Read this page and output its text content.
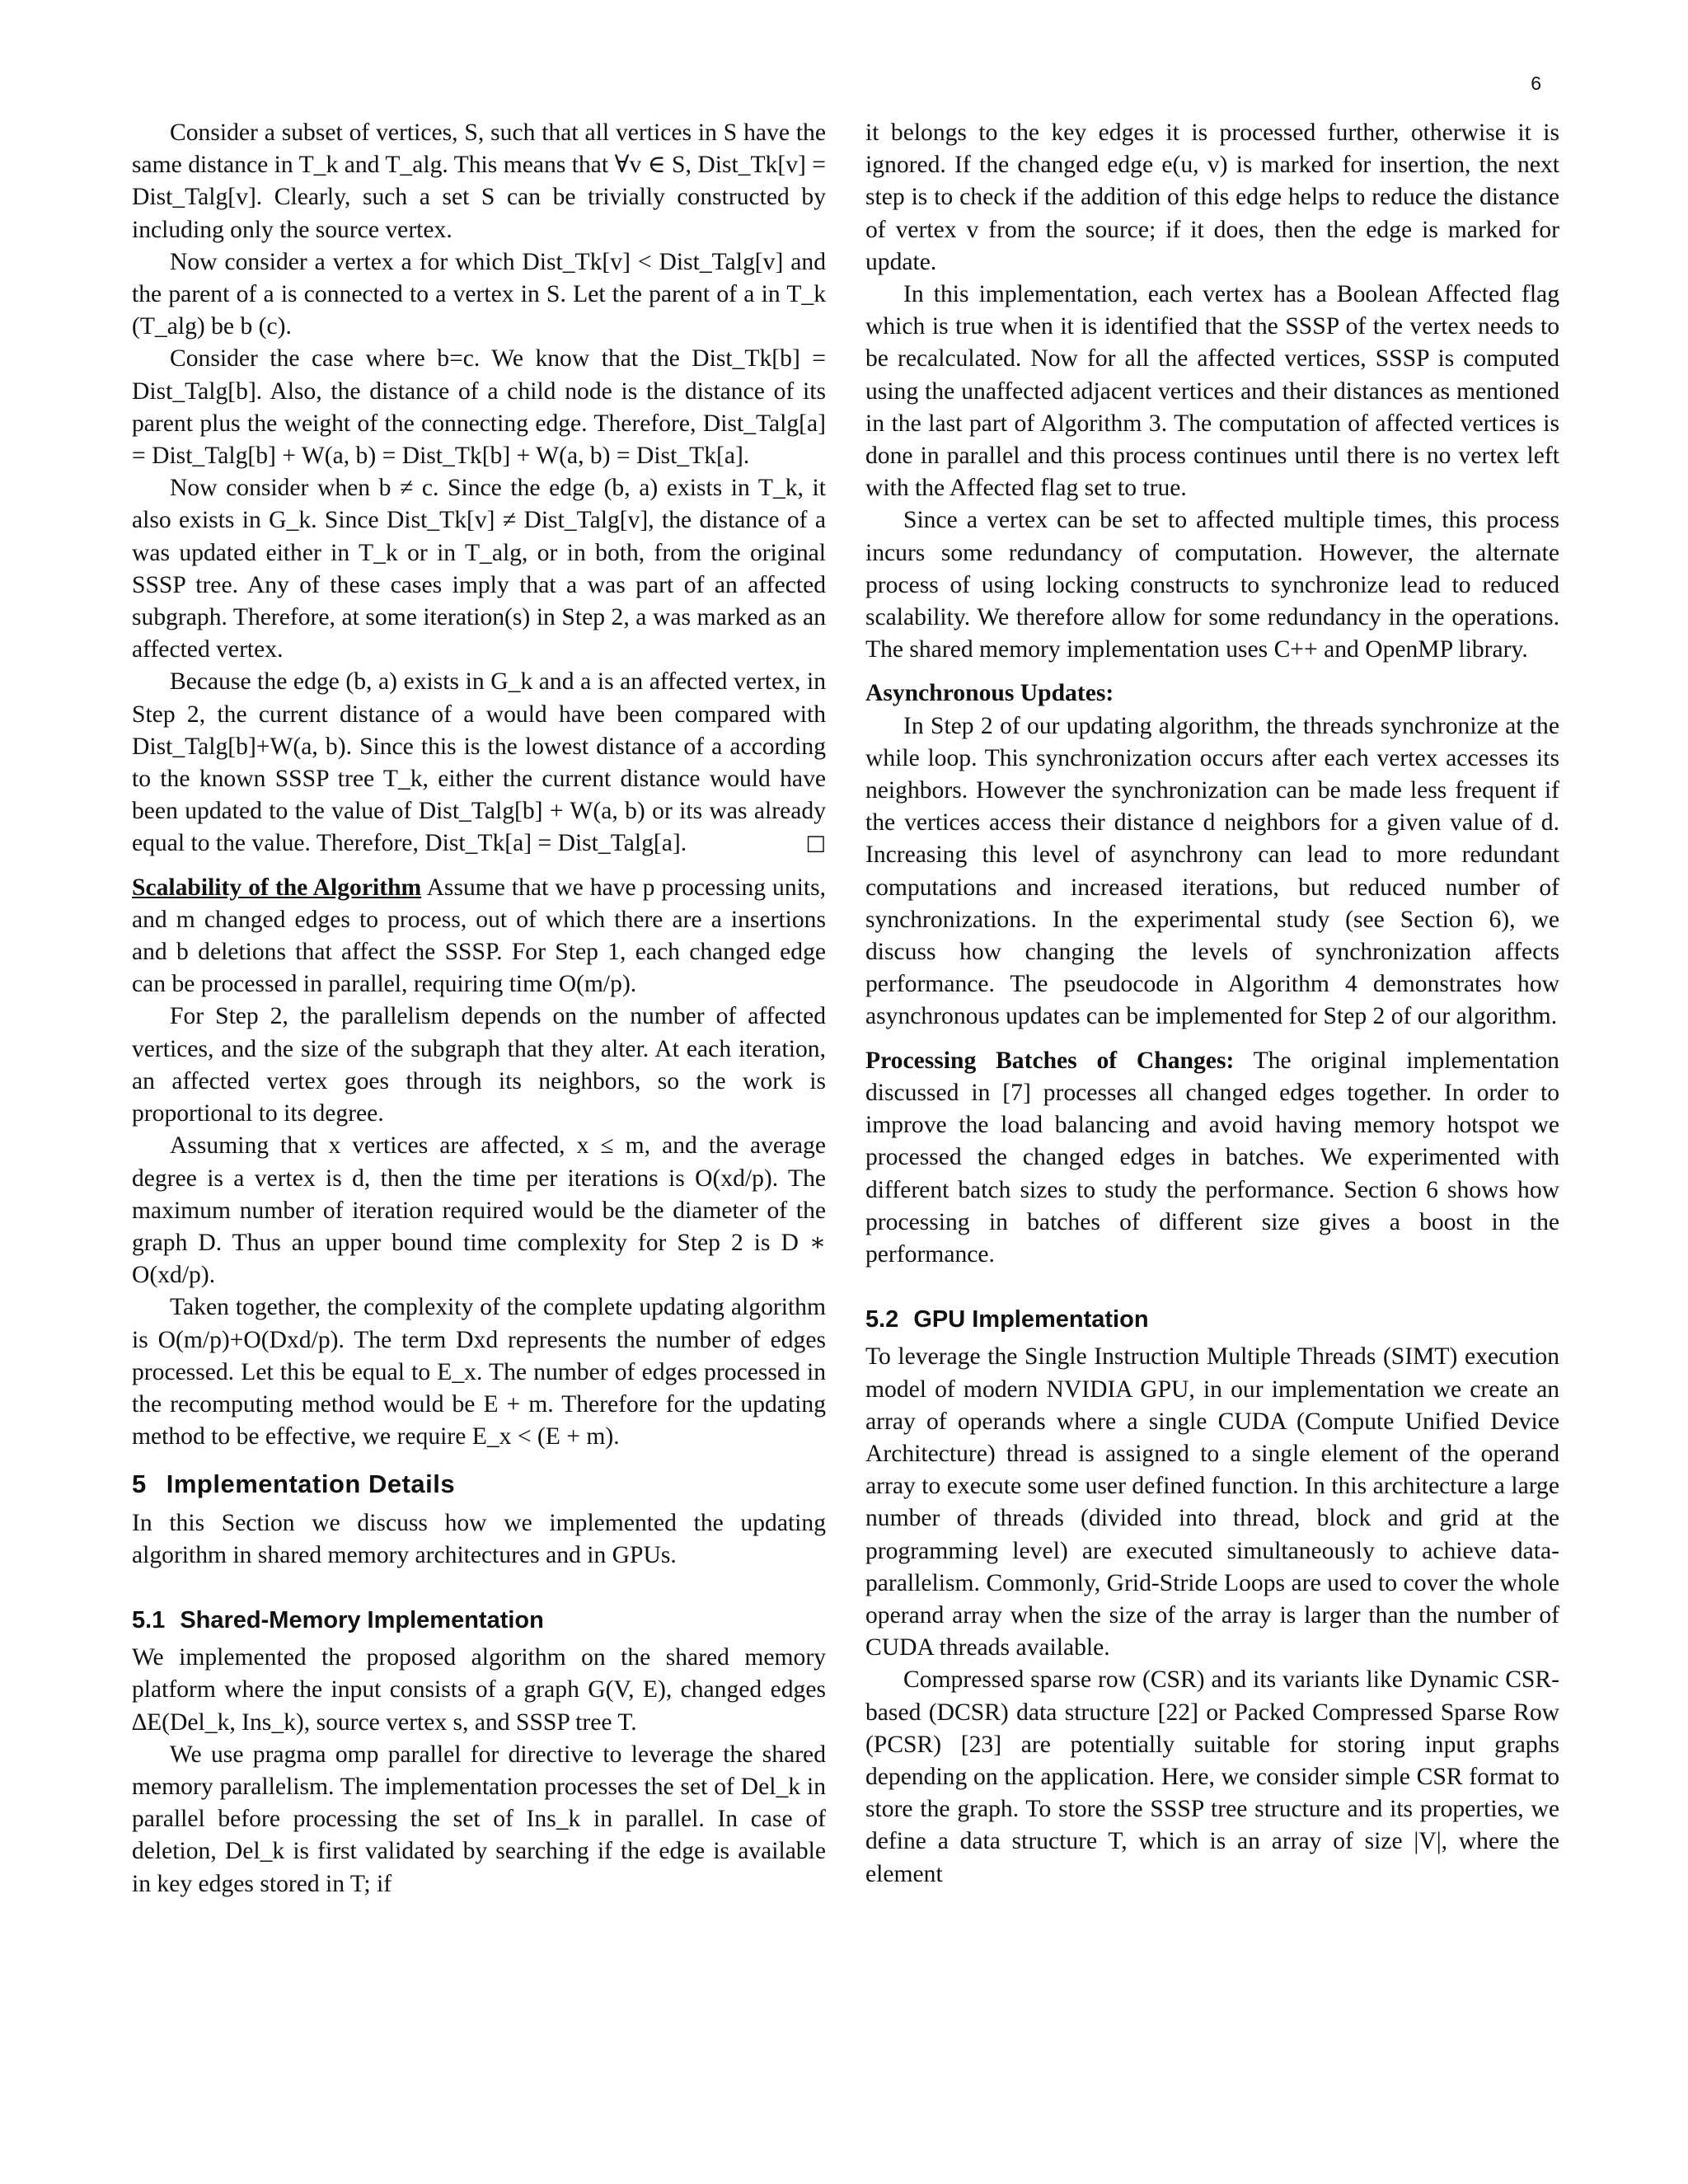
6

Consider a subset of vertices, S, such that all vertices in S have the same distance in T_k and T_alg. This means that ∀v ∈ S, Dist_Tk[v] = Dist_Talg[v]. Clearly, such a set S can be trivially constructed by including only the source vertex.

Now consider a vertex a for which Dist_Tk[v] < Dist_Talg[v] and the parent of a is connected to a vertex in S. Let the parent of a in T_k (T_alg) be b (c).

Consider the case where b=c. We know that the Dist_Tk[b] = Dist_Talg[b]. Also, the distance of a child node is the distance of its parent plus the weight of the connecting edge. Therefore, Dist_Talg[a] = Dist_Talg[b] + W(a, b) = Dist_Tk[b] + W(a, b) = Dist_Tk[a].

Now consider when b ≠ c. Since the edge (b, a) exists in T_k, it also exists in G_k. Since Dist_Tk[v] ≠ Dist_Talg[v], the distance of a was updated either in T_k or in T_alg, or in both, from the original SSSP tree. Any of these cases imply that a was part of an affected subgraph. Therefore, at some iteration(s) in Step 2, a was marked as an affected vertex.

Because the edge (b, a) exists in G_k and a is an affected vertex, in Step 2, the current distance of a would have been compared with Dist_Talg[b]+W(a, b). Since this is the lowest distance of a according to the known SSSP tree T_k, either the current distance would have been updated to the value of Dist_Talg[b] + W(a, b) or its was already equal to the value. Therefore, Dist_Tk[a] = Dist_Talg[a].	□

Scalability of the Algorithm Assume that we have p processing units, and m changed edges to process, out of which there are a insertions and b deletions that affect the SSSP. For Step 1, each changed edge can be processed in parallel, requiring time O(m/p).

For Step 2, the parallelism depends on the number of affected vertices, and the size of the subgraph that they alter. At each iteration, an affected vertex goes through its neighbors, so the work is proportional to its degree.

Assuming that x vertices are affected, x ≤ m, and the average degree is a vertex is d, then the time per iterations is O(xd/p). The maximum number of iteration required would be the diameter of the graph D. Thus an upper bound time complexity for Step 2 is D ∗ O(xd/p).

Taken together, the complexity of the complete updating algorithm is O(m/p)+O(Dxd/p). The term Dxd represents the number of edges processed. Let this be equal to E_x. The number of edges processed in the recomputing method would be E + m. Therefore for the updating method to be effective, we require E_x < (E + m).

5 Implementation Details

In this Section we discuss how we implemented the updating algorithm in shared memory architectures and in GPUs.

5.1 Shared-Memory Implementation

We implemented the proposed algorithm on the shared memory platform where the input consists of a graph G(V, E), changed edges ∆E(Del_k, Ins_k), source vertex s, and SSSP tree T.

We use pragma omp parallel for directive to leverage the shared memory parallelism. The implementation processes the set of Del_k in parallel before processing the set of Ins_k in parallel. In case of deletion, Del_k is first validated by searching if the edge is available in key edges stored in T; if

it belongs to the key edges it is processed further, otherwise it is ignored. If the changed edge e(u, v) is marked for insertion, the next step is to check if the addition of this edge helps to reduce the distance of vertex v from the source; if it does, then the edge is marked for update.

In this implementation, each vertex has a Boolean Affected flag which is true when it is identified that the SSSP of the vertex needs to be recalculated. Now for all the affected vertices, SSSP is computed using the unaffected adjacent vertices and their distances as mentioned in the last part of Algorithm 3. The computation of affected vertices is done in parallel and this process continues until there is no vertex left with the Affected flag set to true.

Since a vertex can be set to affected multiple times, this process incurs some redundancy of computation. However, the alternate process of using locking constructs to synchronize lead to reduced scalability. We therefore allow for some redundancy in the operations. The shared memory implementation uses C++ and OpenMP library.

Asynchronous Updates:

In Step 2 of our updating algorithm, the threads synchronize at the while loop. This synchronization occurs after each vertex accesses its neighbors. However the synchronization can be made less frequent if the vertices access their distance d neighbors for a given value of d. Increasing this level of asynchrony can lead to more redundant computations and increased iterations, but reduced number of synchronizations. In the experimental study (see Section 6), we discuss how changing the levels of synchronization affects performance. The pseudocode in Algorithm 4 demonstrates how asynchronous updates can be implemented for Step 2 of our algorithm.

Processing Batches of Changes: The original implementation discussed in [7] processes all changed edges together. In order to improve the load balancing and avoid having memory hotspot we processed the changed edges in batches. We experimented with different batch sizes to study the performance. Section 6 shows how processing in batches of different size gives a boost in the performance.

5.2 GPU Implementation

To leverage the Single Instruction Multiple Threads (SIMT) execution model of modern NVIDIA GPU, in our implementation we create an array of operands where a single CUDA (Compute Unified Device Architecture) thread is assigned to a single element of the operand array to execute some user defined function. In this architecture a large number of threads (divided into thread, block and grid at the programming level) are executed simultaneously to achieve data-parallelism. Commonly, Grid-Stride Loops are used to cover the whole operand array when the size of the array is larger than the number of CUDA threads available.

Compressed sparse row (CSR) and its variants like Dynamic CSR-based (DCSR) data structure [22] or Packed Compressed Sparse Row (PCSR) [23] are potentially suitable for storing input graphs depending on the application. Here, we consider simple CSR format to store the graph. To store the SSSP tree structure and its properties, we define a data structure T, which is an array of size |V|, where the element
